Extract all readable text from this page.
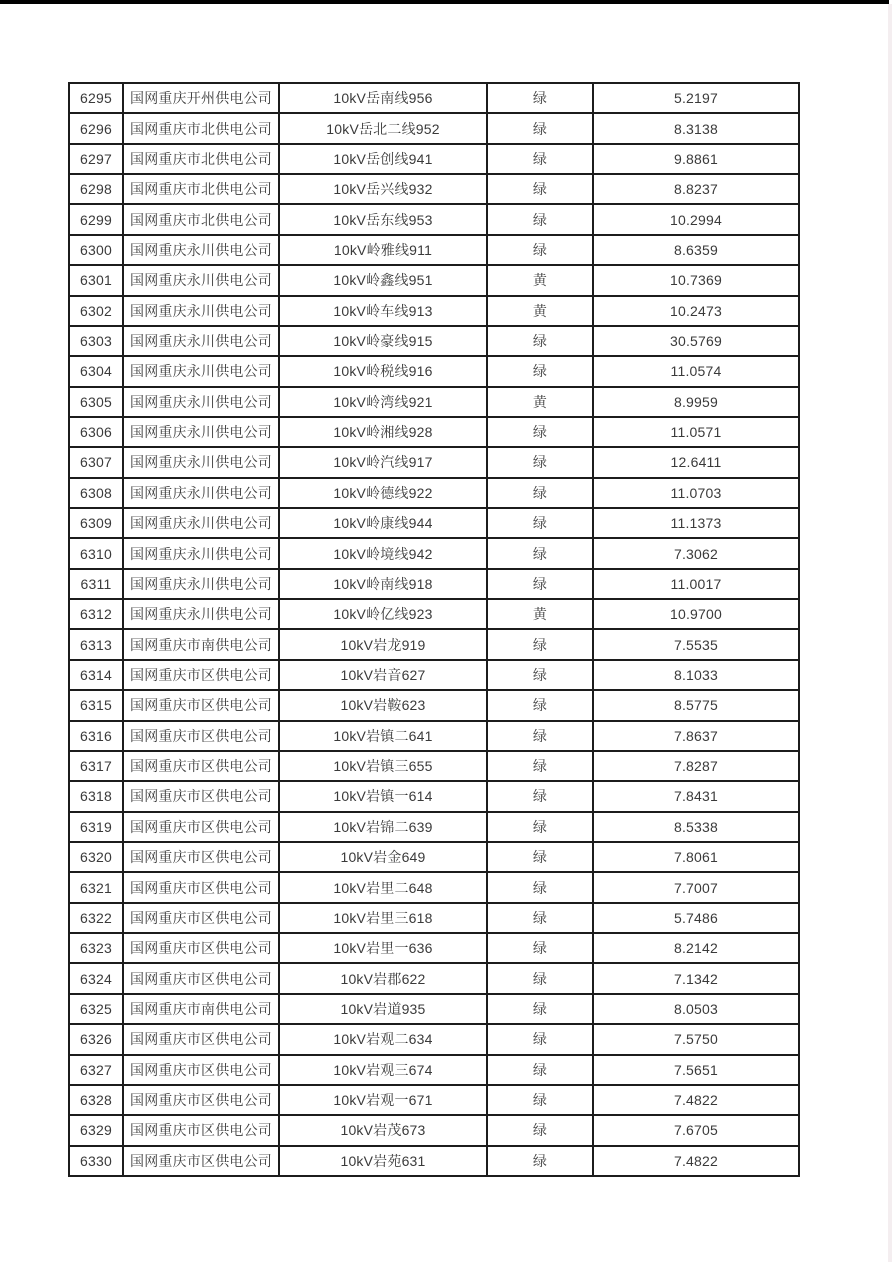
6295	国网重庆开州供电公司	10kV岳南线956	绿	5.2197
6296	国网重庆市北供电公司	10kV岳北二线952	绿	8.3138
6297	国网重庆市北供电公司	10kV岳创线941	绿	9.8861
6298	国网重庆市北供电公司	10kV岳兴线932	绿	8.8237
6299	国网重庆市北供电公司	10kV岳东线953	绿	10.2994
6300	国网重庆永川供电公司	10kV岭雅线911	绿	8.6359
6301	国网重庆永川供电公司	10kV岭鑫线951	黄	10.7369
6302	国网重庆永川供电公司	10kV岭车线913	黄	10.2473
6303	国网重庆永川供电公司	10kV岭豪线915	绿	30.5769
6304	国网重庆永川供电公司	10kV岭税线916	绿	11.0574
6305	国网重庆永川供电公司	10kV岭湾线921	黄	8.9959
6306	国网重庆永川供电公司	10kV岭湘线928	绿	11.0571
6307	国网重庆永川供电公司	10kV岭汽线917	绿	12.6411
6308	国网重庆永川供电公司	10kV岭德线922	绿	11.0703
6309	国网重庆永川供电公司	10kV岭康线944	绿	11.1373
6310	国网重庆永川供电公司	10kV岭境线942	绿	7.3062
6311	国网重庆永川供电公司	10kV岭南线918	绿	11.0017
6312	国网重庆永川供电公司	10kV岭亿线923	黄	10.9700
6313	国网重庆市南供电公司	10kV岩龙919	绿	7.5535
6314	国网重庆市区供电公司	10kV岩音627	绿	8.1033
6315	国网重庆市区供电公司	10kV岩鞍623	绿	8.5775
6316	国网重庆市区供电公司	10kV岩镇二641	绿	7.8637
6317	国网重庆市区供电公司	10kV岩镇三655	绿	7.8287
6318	国网重庆市区供电公司	10kV岩镇一614	绿	7.8431
6319	国网重庆市区供电公司	10kV岩锦二639	绿	8.5338
6320	国网重庆市区供电公司	10kV岩金649	绿	7.8061
6321	国网重庆市区供电公司	10kV岩里二648	绿	7.7007
6322	国网重庆市区供电公司	10kV岩里三618	绿	5.7486
6323	国网重庆市区供电公司	10kV岩里一636	绿	8.2142
6324	国网重庆市区供电公司	10kV岩郡622	绿	7.1342
6325	国网重庆市南供电公司	10kV岩道935	绿	8.0503
6326	国网重庆市区供电公司	10kV岩观二634	绿	7.5750
6327	国网重庆市区供电公司	10kV岩观三674	绿	7.5651
6328	国网重庆市区供电公司	10kV岩观一671	绿	7.4822
6329	国网重庆市区供电公司	10kV岩茂673	绿	7.6705
6330	国网重庆市区供电公司	10kV岩苑631	绿	7.4822
